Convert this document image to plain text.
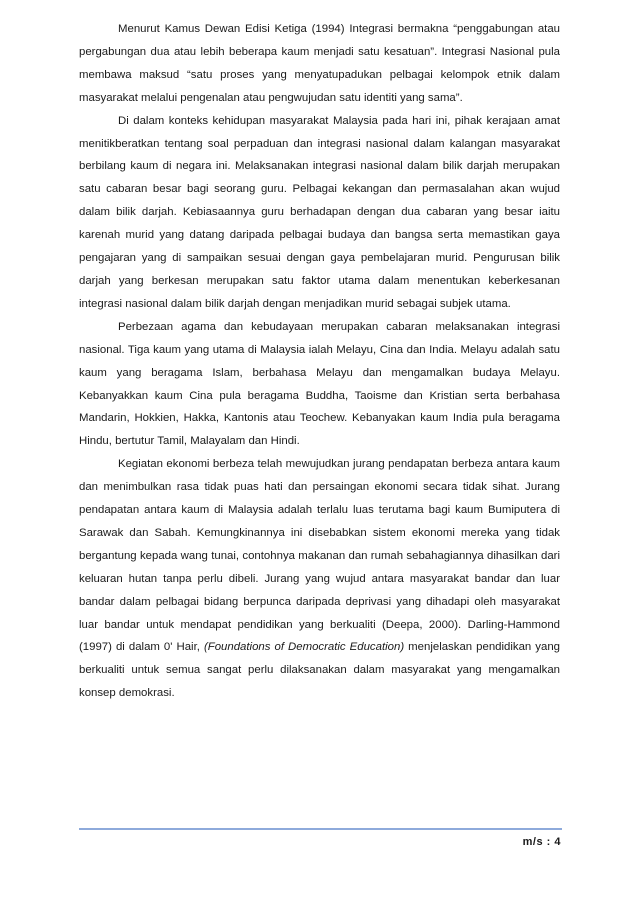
Menurut Kamus Dewan Edisi Ketiga (1994) Integrasi bermakna “penggabungan atau pergabungan dua atau lebih beberapa kaum menjadi satu kesatuan”. Integrasi Nasional pula membawa maksud “satu proses yang menyatupadukan pelbagai kelompok etnik dalam masyarakat melalui pengenalan atau pengwujudan satu identiti yang sama”.

Di dalam konteks kehidupan masyarakat Malaysia pada hari ini, pihak kerajaan amat menitikberatkan tentang soal perpaduan dan integrasi nasional dalam kalangan masyarakat berbilang kaum di negara ini. Melaksanakan integrasi nasional dalam bilik darjah merupakan satu cabaran besar bagi seorang guru. Pelbagai kekangan dan permasalahan akan wujud dalam bilik darjah. Kebiasaannya guru berhadapan dengan dua cabaran yang besar iaitu karenah murid yang datang daripada pelbagai budaya dan bangsa serta memastikan gaya pengajaran yang di sampaikan sesuai dengan gaya pembelajaran murid. Pengurusan bilik darjah yang berkesan merupakan satu faktor utama dalam menentukan keberkesanan integrasi nasional dalam bilik darjah dengan menjadikan murid sebagai subjek utama.

Perbezaan agama dan kebudayaan merupakan cabaran melaksanakan integrasi nasional. Tiga kaum yang utama di Malaysia ialah Melayu, Cina dan India. Melayu adalah satu kaum yang beragama Islam, berbahasa Melayu dan mengamalkan budaya Melayu. Kebanyakkan kaum Cina pula beragama Buddha, Taoisme dan Kristian serta berbahasa Mandarin, Hokkien, Hakka, Kantonis atau Teochew. Kebanyakan kaum India pula beragama Hindu, bertutur Tamil, Malayalam dan Hindi.

Kegiatan ekonomi berbeza telah mewujudkan jurang pendapatan berbeza antara kaum dan menimbulkan rasa tidak puas hati dan persaingan ekonomi secara tidak sihat. Jurang pendapatan antara kaum di Malaysia adalah terlalu luas terutama bagi kaum Bumiputera di Sarawak dan Sabah. Kemungkinannya ini disebabkan sistem ekonomi mereka yang tidak bergantung kepada wang tunai, contohnya makanan dan rumah sebahagiannya dihasilkan dari keluaran hutan tanpa perlu dibeli. Jurang yang wujud antara masyarakat bandar dan luar bandar dalam pelbagai bidang berpunca daripada deprivasi yang dihadapi oleh masyarakat luar bandar untuk mendapat pendidikan yang berkualiti (Deepa, 2000). Darling-Hammond (1997) di dalam 0' Hair, (Foundations of Democratic Education) menjelaskan pendidikan yang berkualiti untuk semua sangat perlu dilaksanakan dalam masyarakat yang mengamalkan konsep demokrasi.

m/s : 4
